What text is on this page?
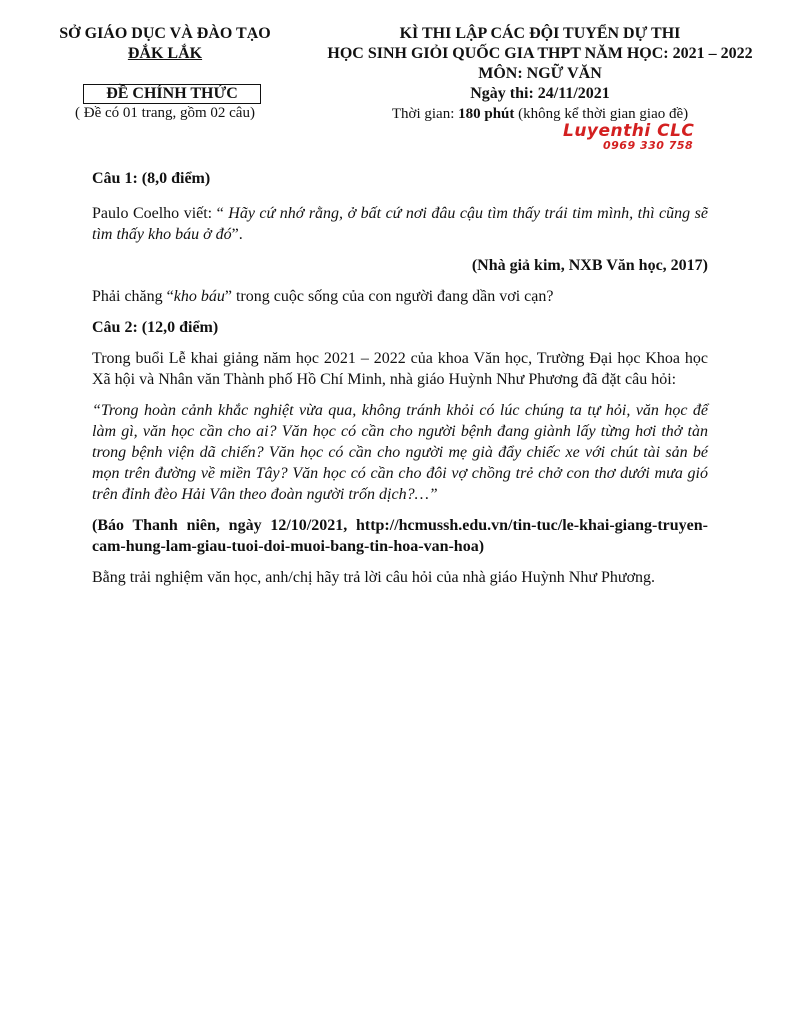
SỞ GIÁO DỤC VÀ ĐÀO TẠO
ĐẮK LẮK
ĐỀ CHÍNH THỨC
( Đề có 01 trang, gồm 02 câu)
KÌ THI LẬP CÁC ĐỘI TUYỂN DỰ THI
HỌC SINH GIỎI QUỐC GIA THPT NĂM HỌC: 2021 – 2022
MÔN: NGỮ VĂN
Ngày thi: 24/11/2021
Thời gian: 180 phút (không kể thời gian giao đề)
Luyenthi CLC
0969 330 758

Câu 1: (8,0 điểm)

Paulo Coelho viết: “ Hãy cứ nhớ rằng, ở bất cứ nơi đâu cậu tìm thấy trái tim mình, thì cũng sẽ tìm thấy kho báu ở đó”.

(Nhà giả kim, NXB Văn học, 2017)

Phải chăng “kho báu” trong cuộc sống của con người đang dần vơi cạn?

Câu 2: (12,0 điểm)

Trong buổi Lễ khai giảng năm học 2021 – 2022 của khoa Văn học, Trường Đại học Khoa học Xã hội và Nhân văn Thành phố Hồ Chí Minh, nhà giáo Huỳnh Như Phương đã đặt câu hỏi:

“Trong hoàn cảnh khắc nghiệt vừa qua, không tránh khỏi có lúc chúng ta tự hỏi, văn học để làm gì, văn học cần cho ai? Văn học có cần cho người bệnh đang giành lấy từng hơi thở tàn trong bệnh viện dã chiến? Văn học có cần cho người mẹ già đẩy chiếc xe với chút tài sản bé mọn trên đường về miền Tây? Văn học có cần cho đôi vợ chồng trẻ chở con thơ dưới mưa gió trên đỉnh đèo Hải Vân theo đoàn người trốn dịch?…”

(Báo Thanh niên, ngày 12/10/2021, http://hcmussh.edu.vn/tin-tuc/le-khai-giang-truyen-cam-hung-lam-giau-tuoi-doi-muoi-bang-tin-hoa-van-hoa)

Bằng trải nghiệm văn học, anh/chị hãy trả lời câu hỏi của nhà giáo Huỳnh Như Phương.
